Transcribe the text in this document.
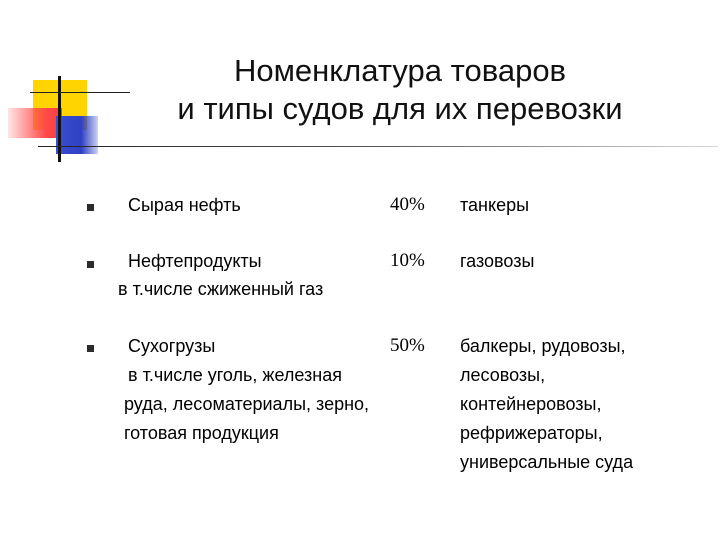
Номенклатура товаров
и типы судов для их перевозки
Сырая нефть	40% танкеры
Нефтепродукты
в т.числе сжиженный газ
10% газовозы
Сухогрузы
в т.числе уголь, железная
руда, лесоматериалы, зерно,
готовая продукция
50% балкеры, рудовозы,
лесовозы,
контейнеровозы,
рефрижераторы,
универсальные суда
